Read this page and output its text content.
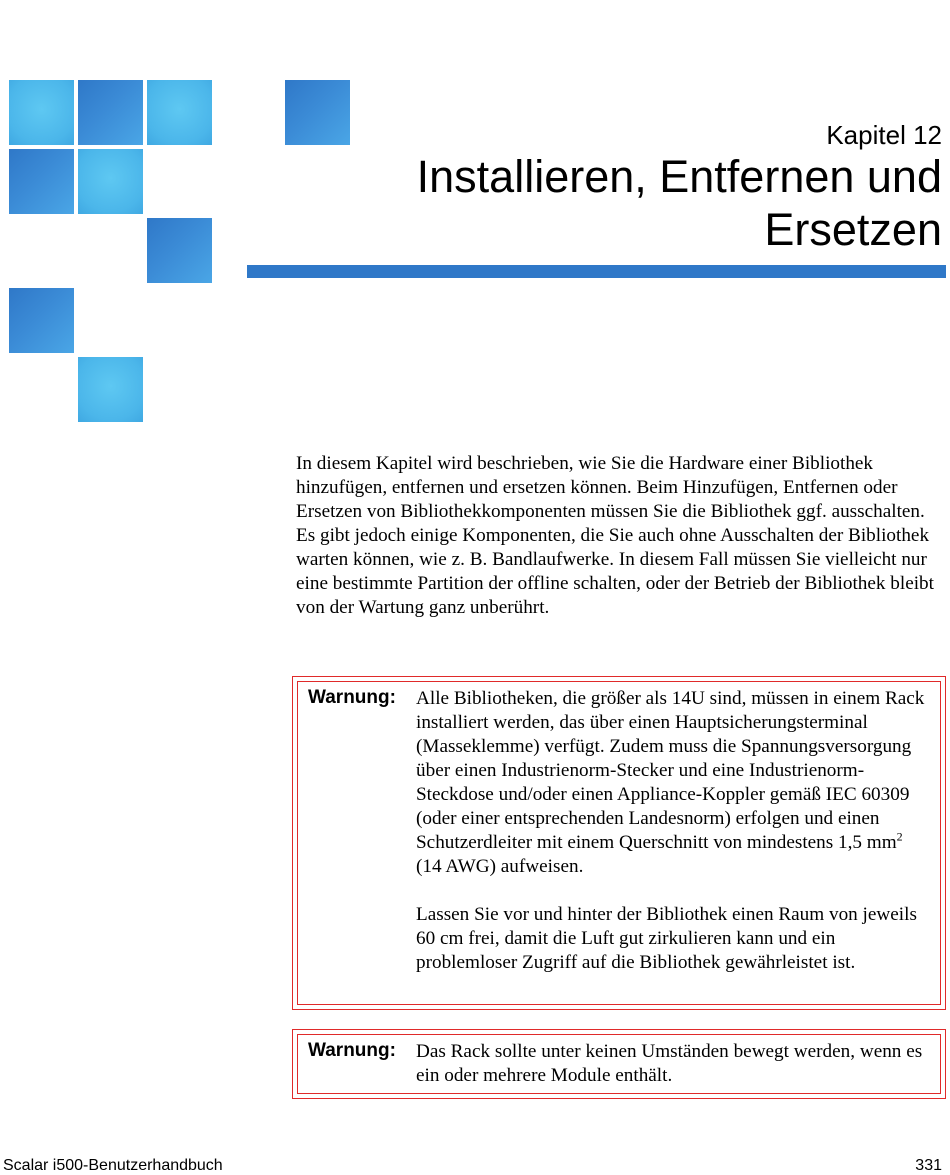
Kapitel 12
Installieren, Entfernen und Ersetzen
In diesem Kapitel wird beschrieben, wie Sie die Hardware einer Bibliothek hinzufügen, entfernen und ersetzen können. Beim Hinzufügen, Entfernen oder Ersetzen von Bibliothekkomponenten müssen Sie die Bibliothek ggf. ausschalten. Es gibt jedoch einige Komponenten, die Sie auch ohne Ausschalten der Bibliothek warten können, wie z. B. Bandlaufwerke. In diesem Fall müssen Sie vielleicht nur eine bestimmte Partition der offline schalten, oder der Betrieb der Bibliothek bleibt von der Wartung ganz unberührt.
Warnung: Alle Bibliotheken, die größer als 14U sind, müssen in einem Rack installiert werden, das über einen Hauptsicherungsterminal (Masseklemme) verfügt. Zudem muss die Spannungsversorgung über einen Industrienorm-Stecker und eine Industrienorm-Steckdose und/oder einen Appliance-Koppler gemäß IEC 60309 (oder einer entsprechenden Landesnorm) erfolgen und einen Schutzerdleiter mit einem Querschnitt von mindestens 1,5 $mm^2$ (14 AWG) aufweisen.

Lassen Sie vor und hinter der Bibliothek einen Raum von jeweils 60 cm frei, damit die Luft gut zirkulieren kann und ein problemloser Zugriff auf die Bibliothek gewährleistet ist.

Warnung: Das Rack sollte unter keinen Umständen bewegt werden, wenn es ein oder mehrere Module enthält.

Scalar i500-Benutzerhandbuch	331
